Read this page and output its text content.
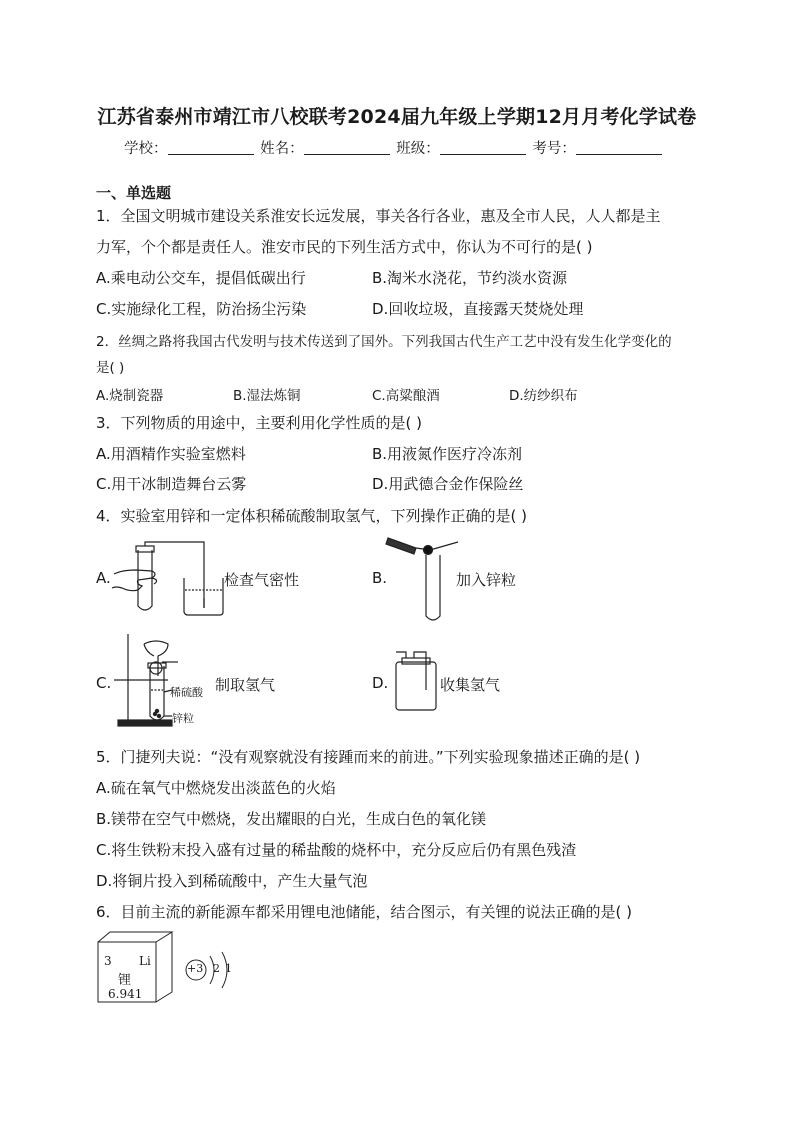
江苏省泰州市靖江市八校联考2024届九年级上学期12月月考化学试卷
学校：	姓名：	班级：	考号：
一、单选题
1．全国文明城市建设关系淮安长远发展，事关各行各业，惠及全市人民，人人都是主
力军，个个都是责任人。淮安市民的下列生活方式中，你认为不可行的是( )
A.乘电动公交车，提倡低碳出行	B.淘米水浇花，节约淡水资源
C.实施绿化工程，防治扬尘污染	D.回收垃圾，直接露天焚烧处理
2．丝绸之路将我国古代发明与技术传送到了国外。下列我国古代生产工艺中没有发生化学变化的
是( )
A.烧制瓷器	B.湿法炼铜	C.高粱酿酒	D.纺纱织布
3．下列物质的用途中，主要利用化学性质的是( )
A.用酒精作实验室燃料	B.用液氮作医疗冷冻剂
C.用干冰制造舞台云雾	D.用武德合金作保险丝
4．实验室用锌和一定体积稀硫酸制取氢气，下列操作正确的是( )
A.	检查气密性	B.	加入锌粒
C.
稀硫酸
锌粒
制取氢气	D.	收集氢气
5．门捷列夫说：“没有观察就没有接踵而来的前进。”下列实验现象描述正确的是( )
A.硫在氧气中燃烧发出淡蓝色的火焰
B.镁带在空气中燃烧，发出耀眼的白光，生成白色的氧化镁
C.将生铁粉末投入盛有过量的稀盐酸的烧杯中，充分反应后仍有黑色残渣
D.将铜片投入到稀硫酸中，产生大量气泡
6．目前主流的新能源车都采用锂电池储能，结合图示，有关锂的说法正确的是( )
3 Li
锂
6.941
+3 2 1
